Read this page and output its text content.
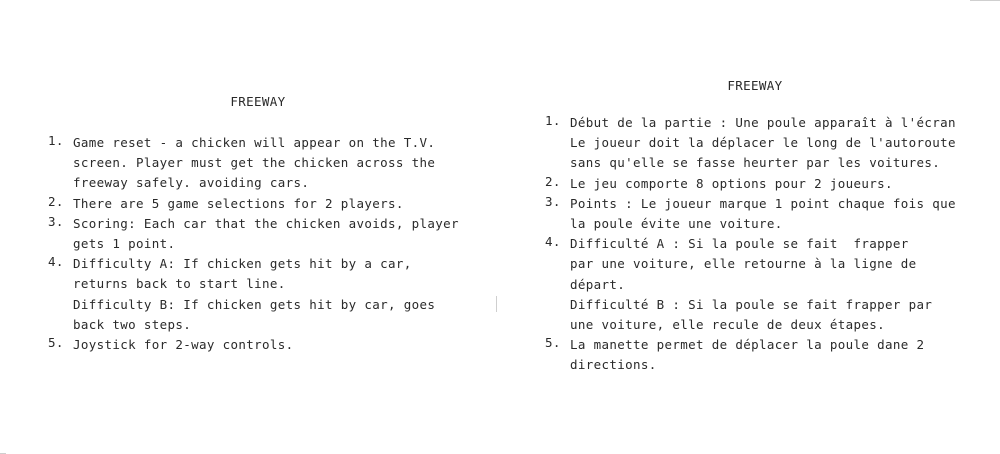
FREEWAY
1. Game reset - a chicken will appear on the T.V.
screen. Player must get the chicken across the
freeway safely. avoiding cars.
2. There are 5 game selections for 2 players.
3. Scoring: Each car that the chicken avoids, player
gets 1 point.
4. Difficulty A: If chicken gets hit by a car,
returns back to start line.
Difficulty B: If chicken gets hit by car, goes
back two steps.
5. Joystick for 2-way controls.
FREEWAY
1. Début de la partie : Une poule apparaît à l'écran
Le joueur doit la déplacer le long de l'autoroute
sans qu'elle se fasse heurter par les voitures.
2. Le jeu comporte 8 options pour 2 joueurs.
3. Points : Le joueur marque 1 point chaque fois que
la poule évite une voiture.
4. Difficulté A : Si la poule se fait  frapper
par une voiture, elle retourne à la ligne de
départ.
Difficulté B : Si la poule se fait frapper par
une voiture, elle recule de deux étapes.
5. La manette permet de déplacer la poule dane 2
directions.
